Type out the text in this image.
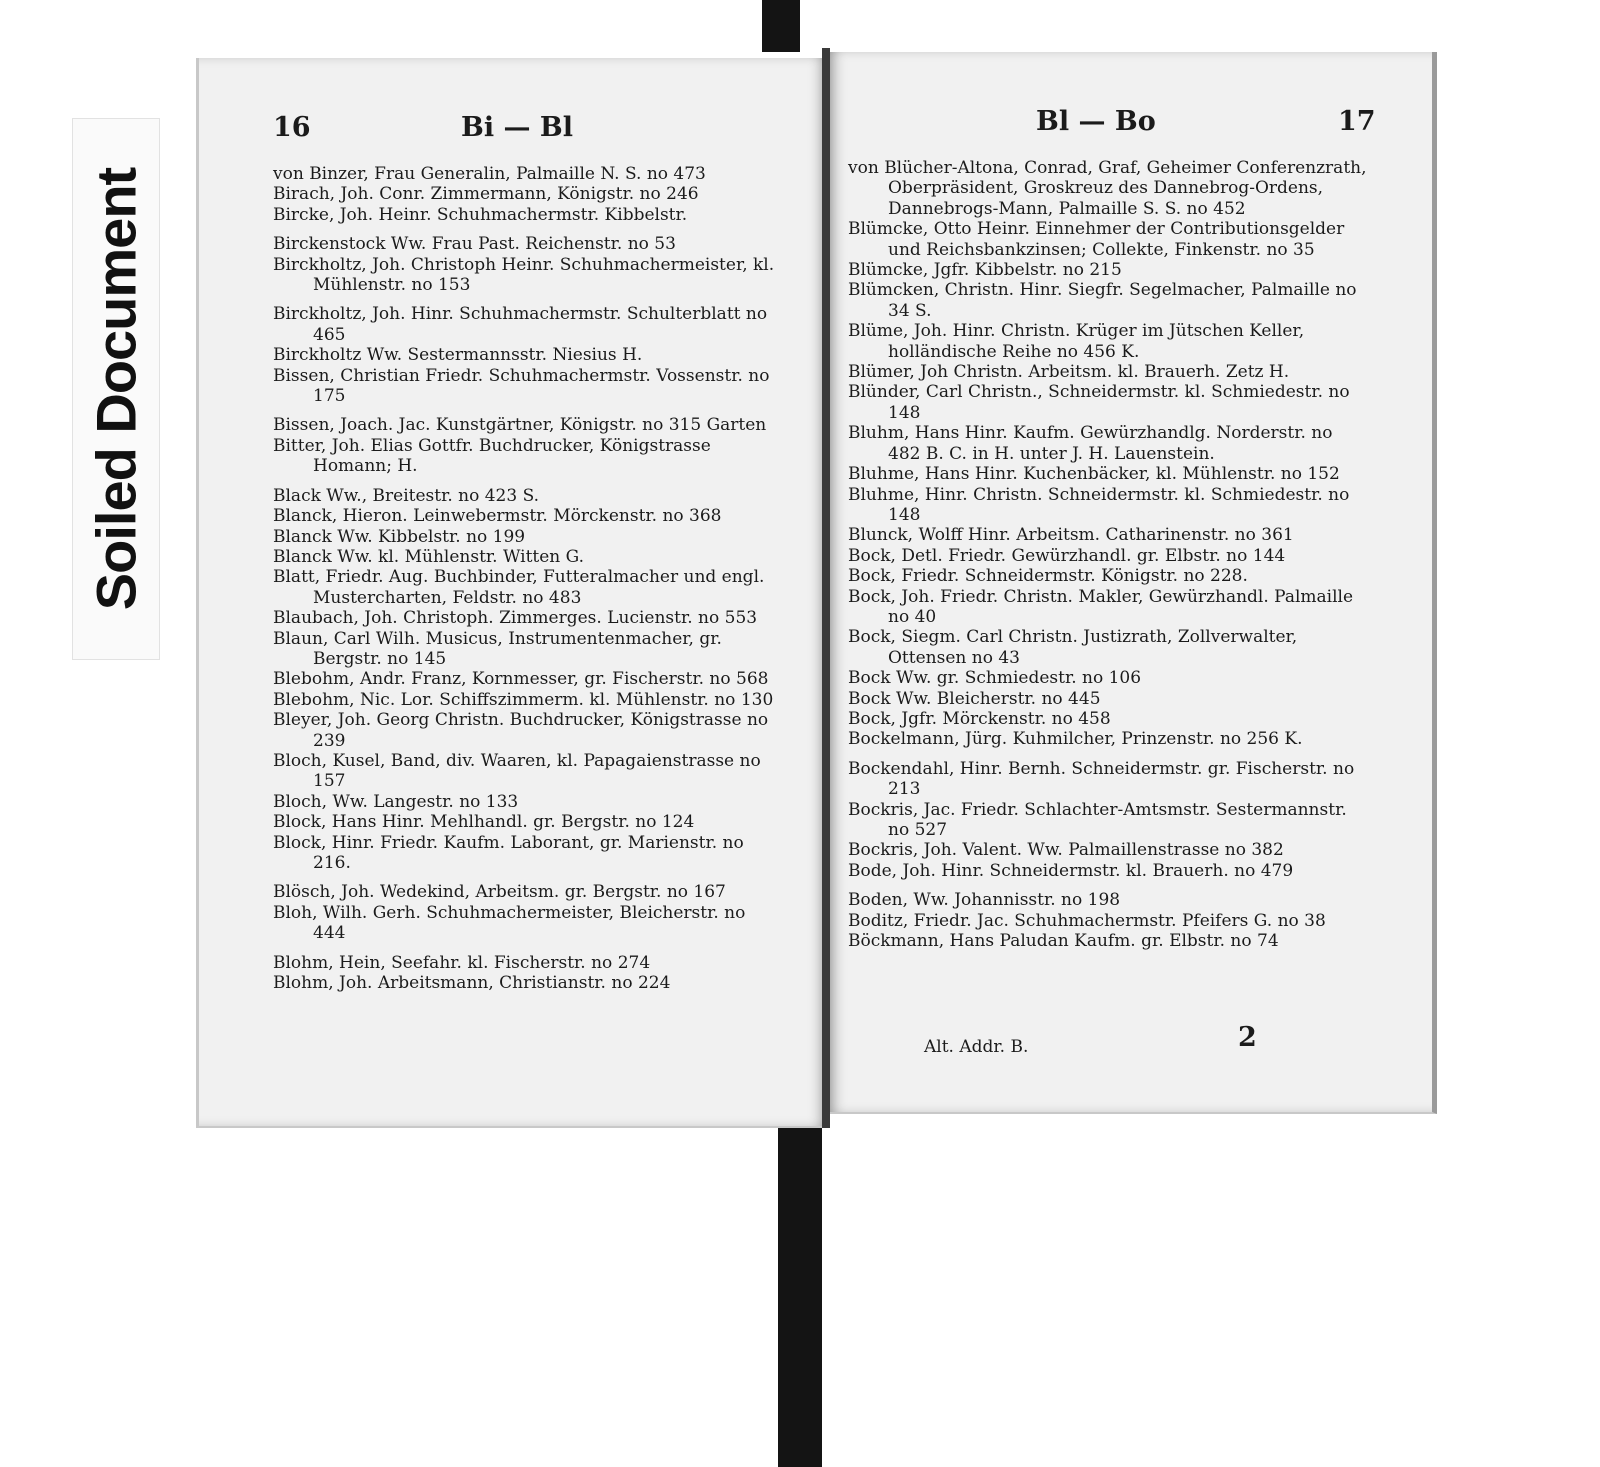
Soiled Document
16	Bi — Bl

von Binzer, Frau Generalin, Palmaille N. S. no 473

Birach, Joh. Conr. Zimmermann, Königstr. no 246

Bircke, Joh. Heinr. Schuhmachermstr. Kibbelstr.

Birckenstock Ww. Frau Past. Reichenstr. no 53

Birckholtz, Joh. Christoph Heinr. Schuhmachermeister, kl. Mühlenstr. no 153

Birckholtz, Joh. Hinr. Schuhmachermstr. Schulterblatt no 465

Birckholtz Ww. Sestermannsstr. Niesius H.

Bissen, Christian Friedr. Schuhmachermstr. Vossenstr. no 175

Bissen, Joach. Jac. Kunstgärtner, Königstr. no 315 Garten

Bitter, Joh. Elias Gottfr. Buchdrucker, Königstrasse Homann; H.

Black Ww., Breitestr. no 423 S.

Blanck, Hieron. Leinwebermstr. Mörckenstr. no 368

Blanck Ww. Kibbelstr. no 199

Blanck Ww. kl. Mühlenstr. Witten G.

Blatt, Friedr. Aug. Buchbinder, Futteralmacher und engl. Mustercharten, Feldstr. no 483

Blaubach, Joh. Christoph. Zimmerges. Lucienstr. no 553

Blaun, Carl Wilh. Musicus, Instrumentenmacher, gr. Bergstr. no 145

Blebohm, Andr. Franz, Kornmesser, gr. Fischerstr. no 568

Blebohm, Nic. Lor. Schiffszimmerm. kl. Mühlenstr. no 130

Bleyer, Joh. Georg Christn. Buchdrucker, Königstrasse no 239

Bloch, Kusel, Band, div. Waaren, kl. Papagaienstrasse no 157

Bloch, Ww. Langestr. no 133

Block, Hans Hinr. Mehlhandl. gr. Bergstr. no 124

Block, Hinr. Friedr. Kaufm. Laborant, gr. Marienstr. no 216.

Blösch, Joh. Wedekind, Arbeitsm. gr. Bergstr. no 167

Bloh, Wilh. Gerh. Schuhmachermeister, Bleicherstr. no 444

Blohm, Hein, Seefahr. kl. Fischerstr. no 274

Blohm, Joh. Arbeitsmann, Christianstr. no 224

Bl — Bo	17

von Blücher-Altona, Conrad, Graf, Geheimer Conferenzrath, Oberpräsident, Groskreuz des Dannebrog-Ordens, Dannebrogs-Mann, Palmaille S. S. no 452

Blümcke, Otto Heinr. Einnehmer der Contributionsgelder und Reichsbankzinsen; Collekte, Finkenstr. no 35

Blümcke, Jgfr. Kibbelstr. no 215

Blümcken, Christn. Hinr. Siegfr. Segelmacher, Palmaille no 34 S.

Blüme, Joh. Hinr. Christn. Krüger im Jütschen Keller, holländische Reihe no 456 K.

Blümer, Joh Christn. Arbeitsm. kl. Brauerh. Zetz H.

Blünder, Carl Christn., Schneidermstr. kl. Schmiedestr. no 148

Bluhm, Hans Hinr. Kaufm. Gewürzhandlg. Norderstr. no 482 B. C. in H. unter J. H. Lauenstein.

Bluhme, Hans Hinr. Kuchenbäcker, kl. Mühlenstr. no 152

Bluhme, Hinr. Christn. Schneidermstr. kl. Schmiedestr. no 148

Blunck, Wolff Hinr. Arbeitsm. Catharinenstr. no 361

Bock, Detl. Friedr. Gewürzhandl. gr. Elbstr. no 144

Bock, Friedr. Schneidermstr. Königstr. no 228.

Bock, Joh. Friedr. Christn. Makler, Gewürzhandl. Palmaille no 40

Bock, Siegm. Carl Christn. Justizrath, Zollverwalter, Ottensen no 43

Bock Ww. gr. Schmiedestr. no 106

Bock Ww. Bleicherstr. no 445

Bock, Jgfr. Mörckenstr. no 458

Bockelmann, Jürg. Kuhmilcher, Prinzenstr. no 256 K.

Bockendahl, Hinr. Bernh. Schneidermstr. gr. Fischerstr. no 213

Bockris, Jac. Friedr. Schlachter-Amtsmstr. Sestermannstr. no 527

Bockris, Joh. Valent. Ww. Palmaillenstrasse no 382

Bode, Joh. Hinr. Schneidermstr. kl. Brauerh. no 479

Boden, Ww. Johannisstr. no 198

Boditz, Friedr. Jac. Schuhmachermstr. Pfeifers G. no 38

Böckmann, Hans Paludan Kaufm. gr. Elbstr. no 74

Alt. Addr. B.	2
